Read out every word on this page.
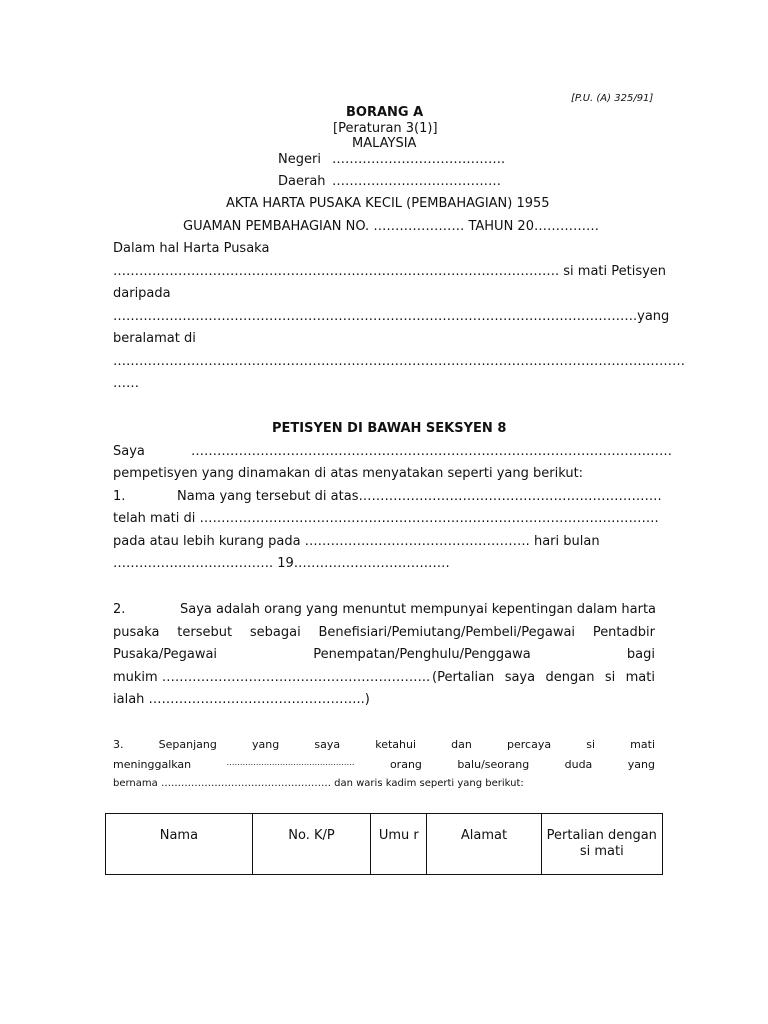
[P.U. (A) 325/91]
BORANG A
[Peraturan 3(1)]
MALAYSIA
Negeri ………………………………….
Daerah …………………………………
AKTA HARTA PUSAKA KECIL (PEMBAHAGIAN) 1955
GUAMAN PEMBAHAGIAN NO. ………………… TAHUN 20……………
Dalam hal Harta Pusaka
…………………………………………………………………………………………. si mati Petisyen
daripada
………………………………………………………………………………………………………….yang
beralamat di
……………………………………………………………………………………………………………………
……
PETISYEN DI BAWAH SEKSYEN 8
Saya	…………………………………………………………………………………………………
pempetisyen yang dinamakan di atas menyatakan seperti yang berikut:
1.	Nama yang tersebut di atas…………………………………………………………….
telah mati di …………………………………………………………………………………………….
pada atau lebih kurang pada ……………………………………………. hari bulan
………………………………. 19………………………………
2.	Saya adalah orang yang menuntut mempunyai kepentingan dalam harta
pusaka tersebut sebagai Benefisiari/Pemiutang/Pembeli/Pegawai Pentadbir
Pusaka/Pegawai	Penempatan/Penghulu/Penggawa	bagi
mukim …………………………………………………….. (Pertalian saya dengan si mati
ialah …………………………………………..)
3.	Sepanjang	yang	saya	ketahui	dan	percaya	si	mati
meninggalkan	…………………………………………	orang	balu/seorang	duda	yang
bernama …………………………………………… dan waris kadim seperti yang berikut:
Nama	No. K/P	Umu r	Alamat	Pertalian dengan si mati
